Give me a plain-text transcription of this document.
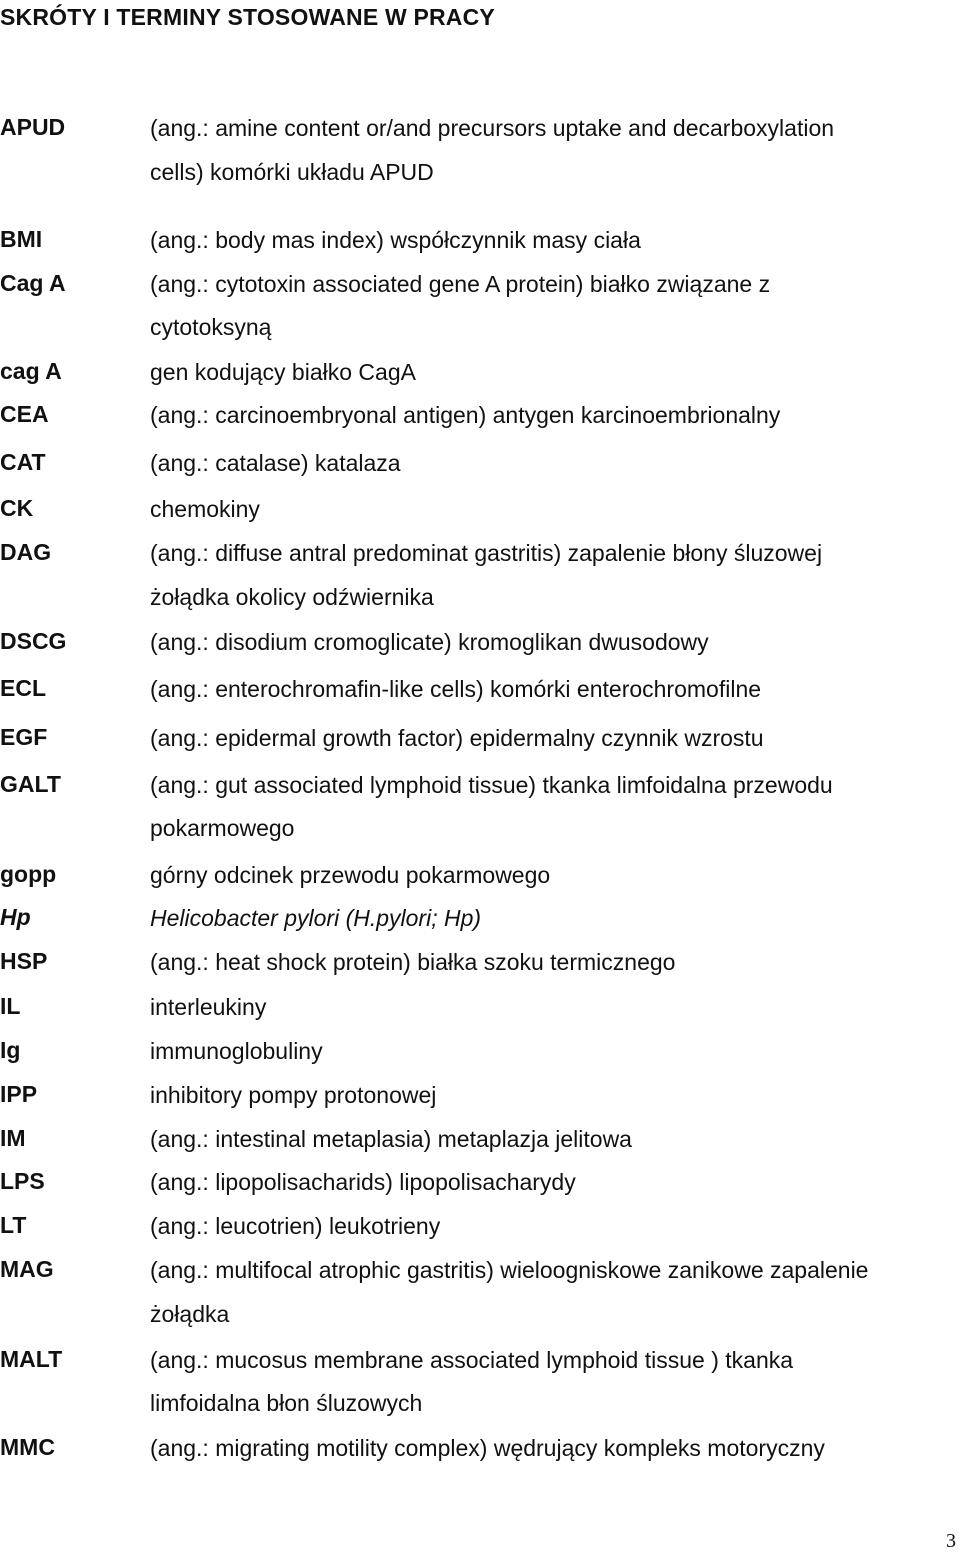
SKRÓTY I TERMINY STOSOWANE W PRACY
APUD	(ang.: amine content or/and precursors uptake and decarboxylation
cells) komórki układu APUD
BMI	(ang.: body mas index) współczynnik masy ciała
Cag A	(ang.: cytotoxin associated gene A protein) białko związane z
cytotoksyną
cag A	gen kodujący białko CagA
CEA	(ang.: carcinoembryonal antigen) antygen karcinoembrionalny
CAT	(ang.: catalase) katalaza
CK	chemokiny
DAG	(ang.: diffuse antral predominat gastritis) zapalenie błony śluzowej
żołądka okolicy odźwiernika
DSCG	(ang.: disodium cromoglicate) kromoglikan dwusodowy
ECL	(ang.: enterochromafin-like cells) komórki enterochromofilne
EGF	(ang.: epidermal growth factor) epidermalny czynnik wzrostu
GALT	(ang.: gut associated lymphoid tissue) tkanka limfoidalna przewodu
pokarmowego
gopp	górny odcinek przewodu pokarmowego
Hp	Helicobacter pylori (H.pylori; Hp)
HSP	(ang.: heat shock protein) białka szoku termicznego
IL	interleukiny
Ig	immunoglobuliny
IPP	inhibitory pompy protonowej
IM	(ang.: intestinal metaplasia) metaplazja jelitowa
LPS	(ang.: lipopolisacharids) lipopolisacharydy
LT	(ang.: leucotrien) leukotrieny
MAG	(ang.: multifocal atrophic gastritis) wieloogniskowe zanikowe zapalenie
żołądka
MALT	(ang.: mucosus membrane associated lymphoid tissue ) tkanka
limfoidalna błon śluzowych
MMC	(ang.: migrating motility complex) wędrujący kompleks motoryczny
3
